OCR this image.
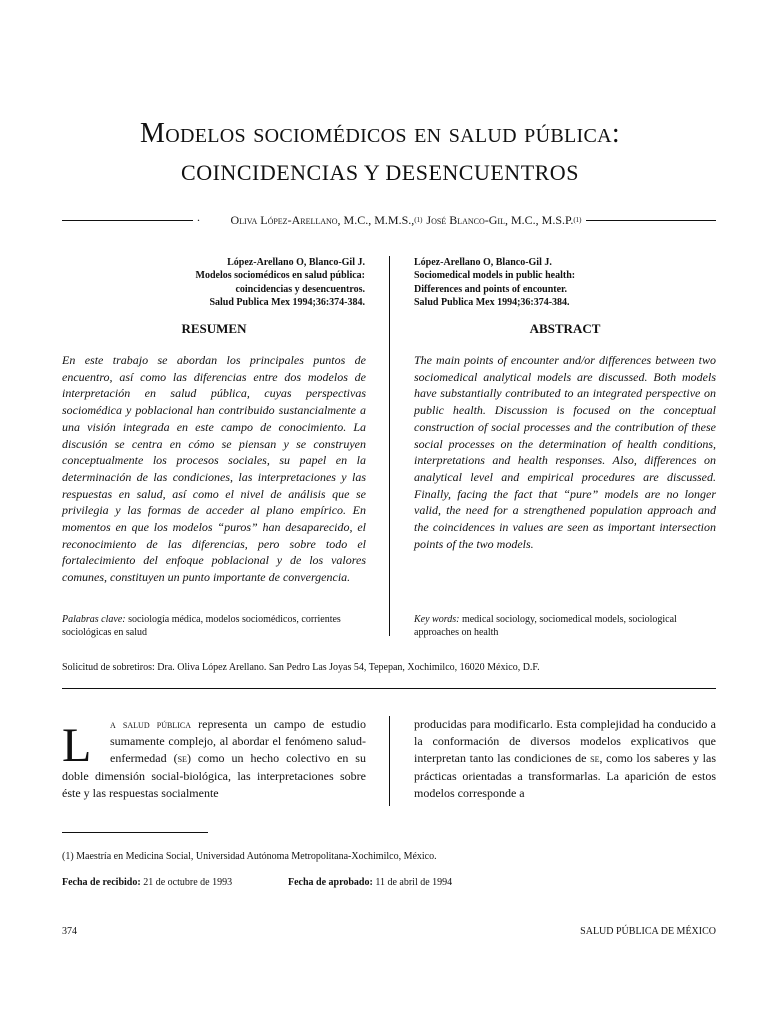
Modelos sociomédicos en salud pública:
COINCIDENCIAS Y DESENCUENTROS
·	Oliva López-Arellano, M.C., M.M.S., (1) José Blanco-Gil, M.C., M.S.P. (1)
López-Arellano O, Blanco-Gil J.
Modelos sociomédicos en salud pública:
coincidencias y desencuentros.
Salud Publica Mex 1994;36:374-384.
López-Arellano O, Blanco-Gil J.
Sociomedical models in public health:
Differences and points of encounter.
Salud Publica Mex 1994;36:374-384.
RESUMEN
En este trabajo se abordan los principales puntos de encuentro, así como las diferencias entre dos modelos de interpretación en salud pública, cuyas perspectivas sociomédica y poblacional han contribuido sustancialmente a una visión integrada en este campo de conocimiento. La discusión se centra en cómo se piensan y se construyen conceptualmente los procesos sociales, su papel en la determinación de las condiciones, las interpretaciones y las respuestas en salud, así como el nivel de análisis que se privilegia y las formas de acceder al plano empírico. En momentos en que los modelos “puros” han desaparecido, el reconocimiento de las diferencias, pero sobre todo el fortalecimiento del enfoque poblacional y de los valores comunes, constituyen un punto importante de convergencia.
Palabras clave: sociología médica, modelos sociomédicos, corrientes sociológicas en salud
ABSTRACT
The main points of encounter and/or differences between two sociomedical analytical models are discussed. Both models have substantially contributed to an integrated perspective on public health. Discussion is focused on the conceptual construction of social processes and the contribution of these social processes on the determination of health conditions, interpretations and health responses. Also, differences on analytical level and empirical procedures are discussed. Finally, facing the fact that “pure” models are no longer valid, the need for a strengthened population approach and the coincidences in values are seen as important intersection points of the two models.
Key words: medical sociology, sociomedical models, sociological approaches on health
Solicitud de sobretiros: Dra. Oliva López Arellano. San Pedro Las Joyas 54, Tepepan, Xochimilco, 16020 México, D.F.
L	a salud pública representa un campo de estudio sumamente complejo, al abordar el fenómeno salud-enfermedad (se) como un hecho colectivo en su doble dimensión social-biológica, las interpretaciones sobre éste y las respuestas socialmente
producidas para modificarlo. Esta complejidad ha conducido a la conformación de diversos modelos explicativos que interpretan tanto las condiciones de se, como los saberes y las prácticas orientadas a transformarlas. La aparición de estos modelos corresponde a
(1) Maestría en Medicina Social, Universidad Autónoma Metropolitana-Xochimilco, México.
Fecha de recibido: 21 de octubre de 1993	Fecha de aprobado: 11 de abril de 1994
374	SALUD PÚBLICA DE MÉXICO
